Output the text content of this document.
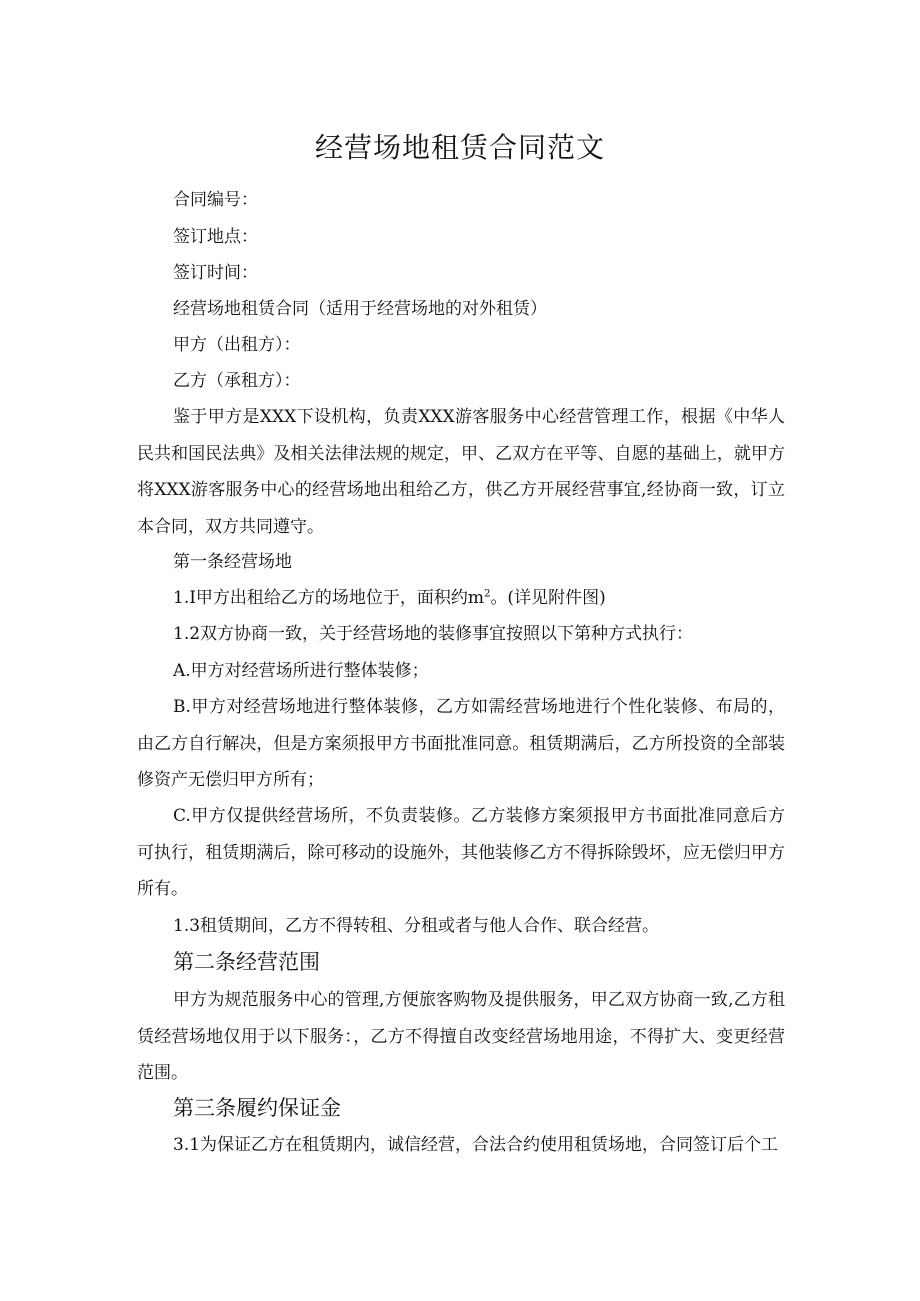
经营场地租赁合同范文
合同编号：
签订地点：
签订时间：
经营场地租赁合同（适用于经营场地的对外租赁）
甲方（出租方）：
乙方（承租方）：
鉴于甲方是XXX下设机构，负责XXX游客服务中心经营管理工作，根据《中华人民共和国民法典》及相关法律法规的规定，甲、乙双方在平等、自愿的基础上，就甲方将XXX游客服务中心的经营场地出租给乙方，供乙方开展经营事宜,经协商一致，订立本合同，双方共同遵守。
第一条经营场地
1.I甲方出租给乙方的场地位于，面积约$m^2$。(详见附件图)
1.2双方协商一致，关于经营场地的装修事宜按照以下第种方式执行：
A.甲方对经营场所进行整体装修；
B.甲方对经营场地进行整体装修，乙方如需经营场地进行个性化装修、布局的，由乙方自行解决，但是方案须报甲方书面批准同意。租赁期满后，乙方所投资的全部装修资产无偿归甲方所有；
C.甲方仅提供经营场所，不负责装修。乙方装修方案须报甲方书面批准同意后方可执行，租赁期满后，除可移动的设施外，其他装修乙方不得拆除毁坏，应无偿归甲方所有。
1.3租赁期间，乙方不得转租、分租或者与他人合作、联合经营。
第二条经营范围
甲方为规范服务中心的管理,方便旅客购物及提供服务，甲乙双方协商一致,乙方租赁经营场地仅用于以下服务：，乙方不得擅自改变经营场地用途，不得扩大、变更经营范围。
第三条履约保证金
3.1为保证乙方在租赁期内，诚信经营，合法合约使用租赁场地，合同签订后个工
